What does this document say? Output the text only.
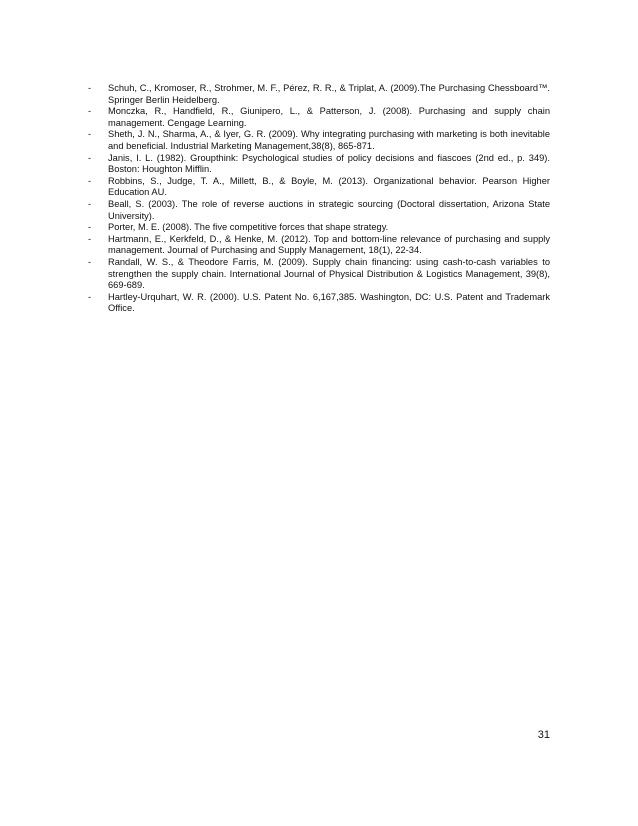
-	Schuh, C., Kromoser, R., Strohmer, M. F., Pérez, R. R., & Triplat, A. (2009).The Purchasing Chessboard™. Springer Berlin Heidelberg.
-	Monczka, R., Handfield, R., Giunipero, L., & Patterson, J. (2008). Purchasing and supply chain management. Cengage Learning.
-	Sheth, J. N., Sharma, A., & Iyer, G. R. (2009). Why integrating purchasing with marketing is both inevitable and beneficial. Industrial Marketing Management,38(8), 865-871.
-	Janis, I. L. (1982). Groupthink: Psychological studies of policy decisions and fiascoes (2nd ed., p. 349). Boston: Houghton Mifflin.
-	Robbins, S., Judge, T. A., Millett, B., & Boyle, M. (2013). Organizational behavior. Pearson Higher Education AU.
-	Beall, S. (2003). The role of reverse auctions in strategic sourcing (Doctoral dissertation, Arizona State University).
-	Porter, M. E. (2008). The five competitive forces that shape strategy.
-	Hartmann, E., Kerkfeld, D., & Henke, M. (2012). Top and bottom-line relevance of purchasing and supply management. Journal of Purchasing and Supply Management, 18(1), 22-34.
-	Randall, W. S., & Theodore Farris, M. (2009). Supply chain financing: using cash-to-cash variables to strengthen the supply chain. International Journal of Physical Distribution & Logistics Management, 39(8), 669-689.
-	Hartley-Urquhart, W. R. (2000). U.S. Patent No. 6,167,385. Washington, DC: U.S. Patent and Trademark Office.
31
